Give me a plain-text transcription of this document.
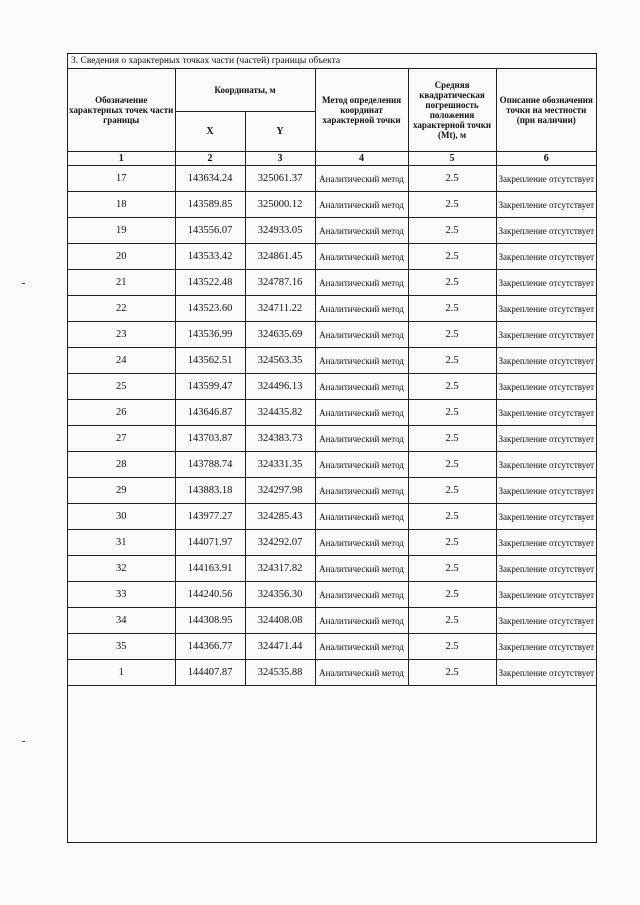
3. Сведения о характерных точках части (частей) границы объекта
Обозначение характерных точек части границы	Координаты, м		Метод определения координат характерной точки	Средняя квадратическая погрешность положения характерной точки (Mt), м	Описание обозначения точки на местности (при наличии)
	X	Y			
1	2	3	4	5	6
17	143634.24	325061.37	Аналитический метод	2.5	Закрепление отсутствует
18	143589.85	325000.12	Аналитический метод	2.5	Закрепление отсутствует
19	143556.07	324933.05	Аналитический метод	2.5	Закрепление отсутствует
20	143533.42	324861.45	Аналитический метод	2.5	Закрепление отсутствует
21	143522.48	324787.16	Аналитический метод	2.5	Закрепление отсутствует
22	143523.60	324711.22	Аналитический метод	2.5	Закрепление отсутствует
23	143536.99	324635.69	Аналитический метод	2.5	Закрепление отсутствует
24	143562.51	324563.35	Аналитический метод	2.5	Закрепление отсутствует
25	143599.47	324496.13	Аналитический метод	2.5	Закрепление отсутствует
26	143646.87	324435.82	Аналитический метод	2.5	Закрепление отсутствует
27	143703.87	324383.73	Аналитический метод	2.5	Закрепление отсутствует
28	143788.74	324331.35	Аналитический метод	2.5	Закрепление отсутствует
29	143883.18	324297.98	Аналитический метод	2.5	Закрепление отсутствует
30	143977.27	324285.43	Аналитический метод	2.5	Закрепление отсутствует
31	144071.97	324292.07	Аналитический метод	2.5	Закрепление отсутствует
32	144163.91	324317.82	Аналитический метод	2.5	Закрепление отсутствует
33	144240.56	324356.30	Аналитический метод	2.5	Закрепление отсутствует
34	144308.95	324408.08	Аналитический метод	2.5	Закрепление отсутствует
35	144366.77	324471.44	Аналитический метод	2.5	Закрепление отсутствует
1	144407.87	324535.88	Аналитический метод	2.5	Закрепление отсутствует
